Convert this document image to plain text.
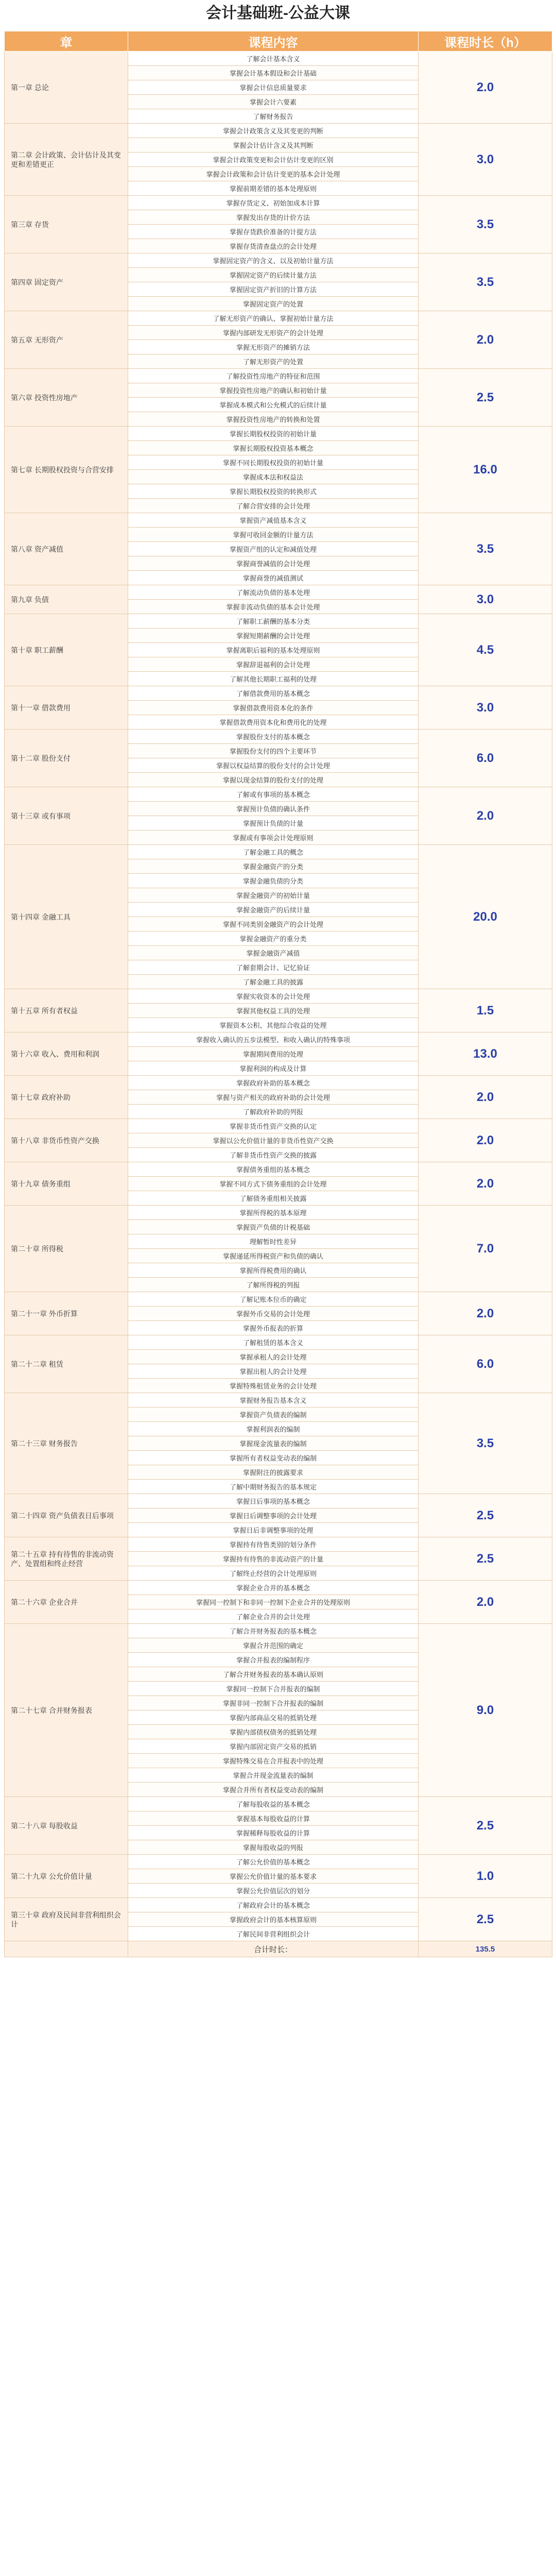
会计基础班-公益大课
章	课程内容	课程时长（h）
第一章 总论	了解会计基本含义	2.0
	掌握会计基本假设和会计基础	
	掌握会计信息质量要求	
	掌握会计六要素	
	了解财务报告	
第二章 会计政策、会计估计及其变更和差错更正	掌握会计政策含义及其变更的判断	3.0
	掌握会计估计含义及其判断	
	掌握会计政策变更和会计估计变更的区别	
	掌握会计政策和会计估计变更的基本会计处理	
	掌握前期差错的基本处理原则	
第三章 存货	掌握存货定义、初始加成本计算	3.5
	掌握发出存货的计价方法	
	掌握存货跌价准备的计提方法	
	掌握存货清查盘点的会计处理	
第四章 固定资产	掌握固定资产的含义、以及初始计量方法	3.5
	掌握固定资产的后续计量方法	
	掌握固定资产折旧的计算方法	
	掌握固定资产的处置	
第五章 无形资产	了解无形资产的确认、掌握初始计量方法	2.0
	掌握内部研发无形资产的会计处理	
	掌握无形资产的摊销方法	
	了解无形资产的处置	
第六章 投资性房地产	了解投资性房地产的特征和范围	2.5
	掌握投资性房地产的确认和初始计量	
	掌握成本模式和公允模式的后续计量	
	掌握投资性房地产的转换和处置	
第七章 长期股权投资与合营安排	掌握长期股权投资的初始计量	16.0
	掌握长期股权投资基本概念	
	掌握不同长期股权投资的初始计量	
	掌握成本法和权益法	
	掌握长期股权投资的转换形式	
	了解合营安排的会计处理	
第八章 资产减值	掌握资产减值基本含义	3.5
	掌握可收回金额的计量方法	
	掌握资产组的认定和减值处理	
	掌握商誉减值的会计处理	
	掌握商誉的减值测试	
第九章 负债	了解流动负债的基本处理	3.0
	掌握非流动负债的基本会计处理	
第十章 职工薪酬	了解职工薪酬的基本分类	4.5
	掌握短期薪酬的会计处理	
	掌握离职后福利的基本处理原则	
	掌握辞退福利的会计处理	
	了解其他长期职工福利的处理	
第十一章 借款费用	了解借款费用的基本概念	3.0
	掌握借款费用资本化的条件	
	掌握借款费用资本化和费用化的处理	
第十二章 股份支付	掌握股份支付的基本概念	6.0
	掌握股份支付的四个主要环节	
	掌握以权益结算的股份支付的会计处理	
	掌握以现金结算的股份支付的处理	
第十三章 或有事项	了解或有事项的基本概念	2.0
	掌握预计负债的确认条件	
	掌握预计负债的计量	
	掌握或有事项会计处理原则	
第十四章 金融工具	了解金融工具的概念	20.0
	掌握金融资产的分类	
	掌握金融负债的分类	
	掌握金融资产的初始计量	
	掌握金融资产的后续计量	
	掌握不同类别金融资产的会计处理	
	掌握金融资产的重分类	
	掌握金融资产减值	
	了解套期会计、记忆验证	
	了解金融工具的披露	
第十五章 所有者权益	掌握实收资本的会计处理	1.5
	掌握其他权益工具的处理	
	掌握资本公积、其他综合收益的处理	
第十六章 收入、费用和利润	掌握收入确认的五步法模型、和收入确认的特殊事项	13.0
	掌握期间费用的处理	
	掌握利润的构成及计算	
第十七章 政府补助	掌握政府补助的基本概念	2.0
	掌握与资产相关的政府补助的会计处理	
	了解政府补助的列报	
第十八章 非货币性资产交换	掌握非货币性资产交换的认定	2.0
	掌握以公允价值计量的非货币性资产交换	
	了解非货币性资产交换的披露	
第十九章 债务重组	掌握债务重组的基本概念	2.0
	掌握不同方式下债务重组的会计处理	
	了解债务重组相关披露	
第二十章 所得税	掌握所得税的基本原理	7.0
	掌握资产负债的计税基础	
	理解暂时性差异	
	掌握递延所得税资产和负债的确认	
	掌握所得税费用的确认	
	了解所得税的列报	
第二十一章 外币折算	了解记账本位币的确定	2.0
	掌握外币交易的会计处理	
	掌握外币报表的折算	
第二十二章 租赁	了解租赁的基本含义	6.0
	掌握承租人的会计处理	
	掌握出租人的会计处理	
	掌握特殊租赁业务的会计处理	
第二十三章 财务报告	掌握财务报告基本含义	3.5
	掌握资产负债表的编制	
	掌握利润表的编制	
	掌握现金流量表的编制	
	掌握所有者权益变动表的编制	
	掌握附注的披露要求	
	了解中期财务报告的基本规定	
第二十四章 资产负债表日后事项	掌握日后事项的基本概念	2.5
	掌握日后调整事项的会计处理	
	掌握日后非调整事项的处理	
第二十五章 持有待售的非流动资产、处置组和终止经营	掌握持有待售类别的划分条件	2.5
	掌握持有待售的非流动资产的计量	
	了解终止经营的会计处理原则	
第二十六章 企业合并	掌握企业合并的基本概念	2.0
	掌握同一控制下和非同一控制下企业合并的处理原则	
	了解企业合并的会计处理	
第二十七章 合并财务报表	了解合并财务报表的基本概念	9.0
	掌握合并范围的确定	
	掌握合并报表的编制程序	
	了解合并财务报表的基本确认原则	
	掌握同一控制下合并报表的编制	
	掌握非同一控制下合并报表的编制	
	掌握内部商品交易的抵销处理	
	掌握内部债权债务的抵销处理	
	掌握内部固定资产交易的抵销	
	掌握特殊交易在合并报表中的处理	
	掌握合并现金流量表的编制	
	掌握合并所有者权益变动表的编制	
第二十八章 每股收益	了解每股收益的基本概念	2.5
	掌握基本每股收益的计算	
	掌握稀释每股收益的计算	
	掌握每股收益的列报	
第二十九章 公允价值计量	了解公允价值的基本概念	1.0
	掌握公允价值计量的基本要求	
	掌握公允价值层次的划分	
第三十章 政府及民间非营利组织会计	了解政府会计的基本概念	2.5
	掌握政府会计的基本核算原则	
	了解民间非营利组织会计	
	合计时长：	135.5
